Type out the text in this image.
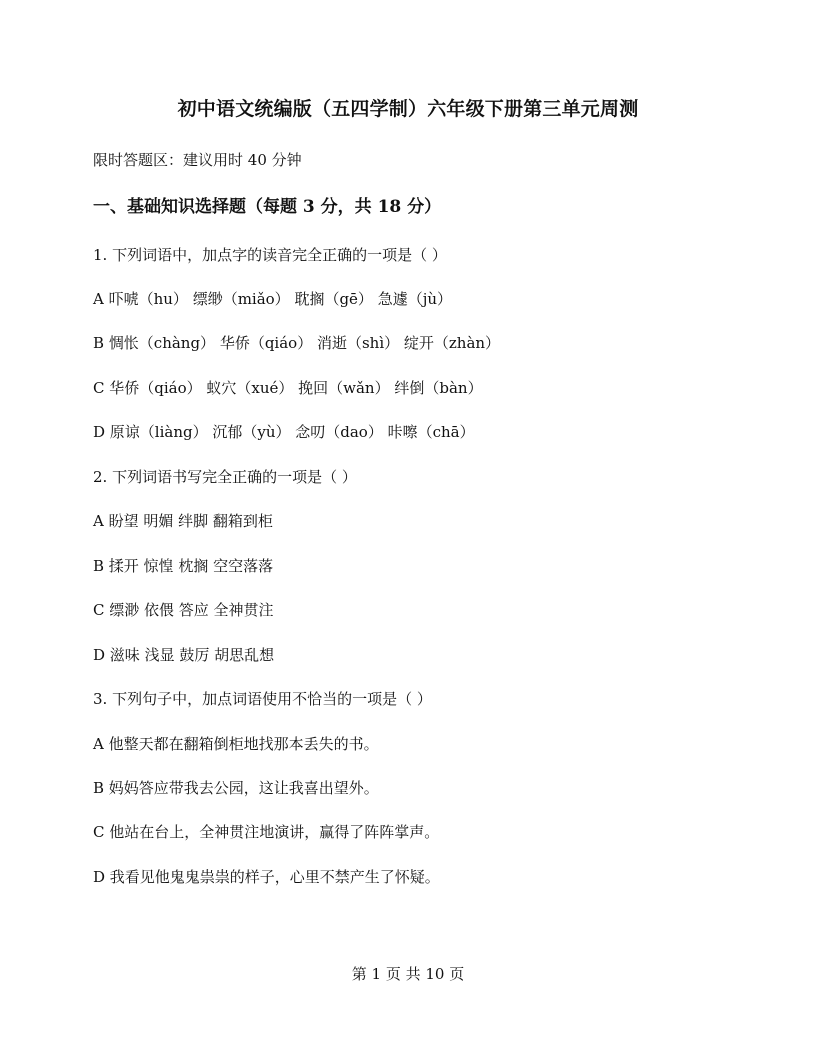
初中语文统编版（五四学制）六年级下册第三单元周测
限时答题区：建议用时 40 分钟
一、基础知识选择题（每题 3 分，共 18 分）
1. 下列词语中，加点字的读音完全正确的一项是（ ）
A 吓唬（hu） 缥缈（miǎo） 耽搁（gē） 急遽（jù）
B 惆怅（chàng） 华侨（qiáo） 消逝（shì） 绽开（zhàn）
C 华侨（qiáo） 蚁穴（xué） 挽回（wǎn） 绊倒（bàn）
D 原谅（liàng） 沉郁（yù） 念叨（dao） 咔嚓（chā）
2. 下列词语书写完全正确的一项是（ ）
A 盼望 明媚 绊脚 翻箱到柜
B 揉开 惊惶 枕搁 空空落落
C 缥渺 依偎 答应 全神贯注
D 滋味 浅显 鼓厉 胡思乱想
3. 下列句子中，加点词语使用不恰当的一项是（ ）
A 他整天都在翻箱倒柜地找那本丢失的书。
B 妈妈答应带我去公园，这让我喜出望外。
C 他站在台上，全神贯注地演讲，赢得了阵阵掌声。
D 我看见他鬼鬼祟祟的样子，心里不禁产生了怀疑。
第 1 页 共 10 页
